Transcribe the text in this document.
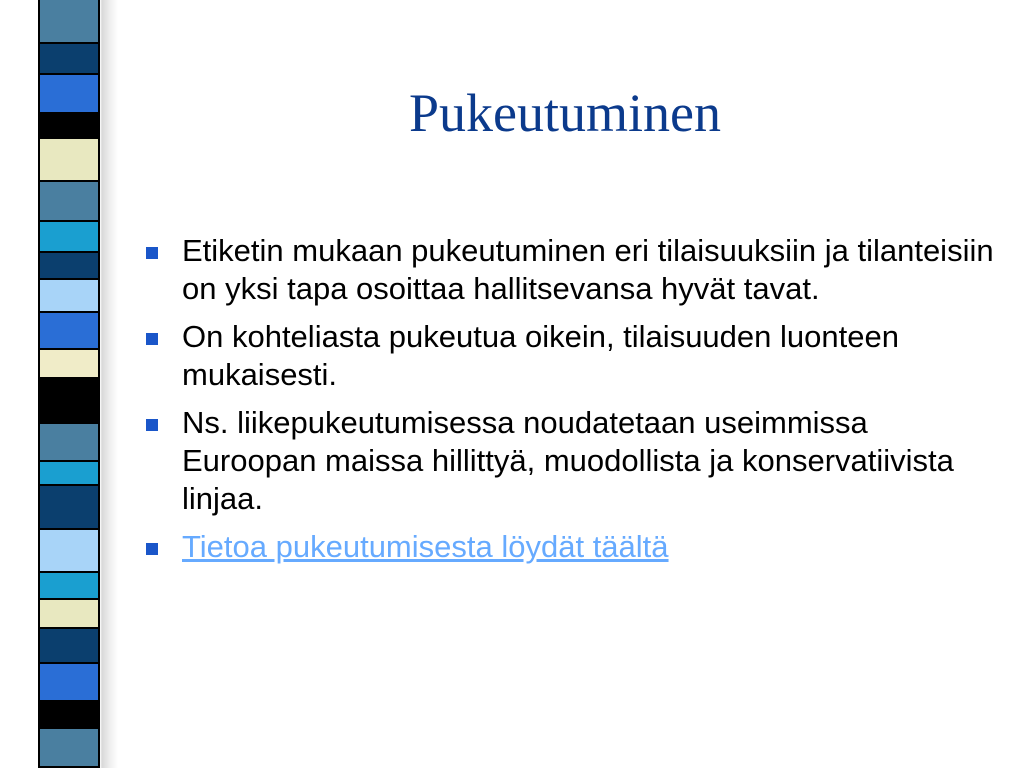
Pukeutuminen
Etiketin mukaan pukeutuminen eri tilaisuuksiin ja tilanteisiin on yksi tapa osoittaa hallitsevansa hyvät tavat.
On kohteliasta pukeutua oikein, tilaisuuden luonteen mukaisesti.
Ns. liikepukeutumisessa noudatetaan useimmissa Euroopan maissa hillittyä, muodollista ja konservatiivista linjaa.
Tietoa pukeutumisesta löydät täältä
